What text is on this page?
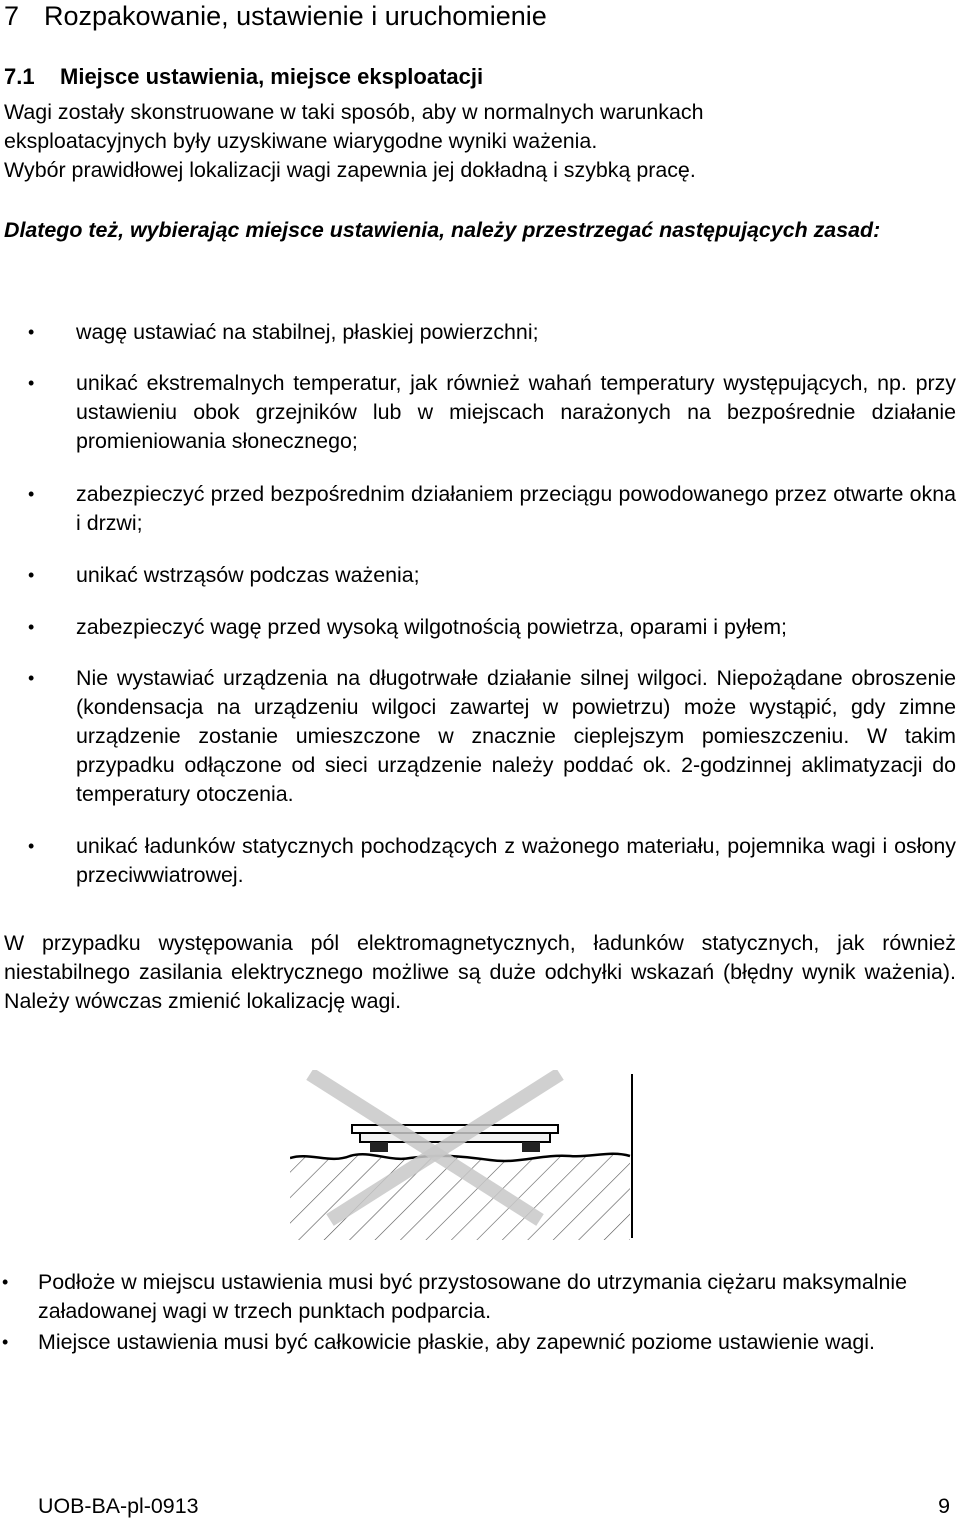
7 Rozpakowanie, ustawienie i uruchomienie
7.1 Miejsce ustawienia, miejsce eksploatacji
Wagi zostały skonstruowane w taki sposób, aby w normalnych warunkach
eksploatacyjnych były uzyskiwane wiarygodne wyniki ważenia.
Wybór prawidłowej lokalizacji wagi zapewnia jej dokładną i szybką pracę.
Dlatego też, wybierając miejsce ustawienia, należy przestrzegać następujących zasad:
• wagę ustawiać na stabilnej, płaskiej powierzchni;
• unikać ekstremalnych temperatur, jak również wahań temperatury występujących, np. przy ustawieniu obok grzejników lub w miejscach narażonych na bezpośrednie działanie promieniowania słonecznego;
• zabezpieczyć przed bezpośrednim działaniem przeciągu powodowanego przez otwarte okna i drzwi;
• unikać wstrząsów podczas ważenia;
• zabezpieczyć wagę przed wysoką wilgotnością powietrza, oparami i pyłem;
• Nie wystawiać urządzenia na długotrwałe działanie silnej wilgoci. Niepożądane obroszenie (kondensacja na urządzeniu wilgoci zawartej w powietrzu) może wystąpić, gdy zimne urządzenie zostanie umieszczone w znacznie cieplejszym pomieszczeniu. W takim przypadku odłączone od sieci urządzenie należy poddać ok. 2-godzinnej aklimatyzacji do temperatury otoczenia.
• unikać ładunków statycznych pochodzących z ważonego materiału, pojemnika wagi i osłony przeciwwiatrowej.
W przypadku występowania pól elektromagnetycznych, ładunków statycznych, jak również niestabilnego zasilania elektrycznego możliwe są duże odchyłki wskazań (błędny wynik ważenia). Należy wówczas zmienić lokalizację wagi.
• Podłoże w miejscu ustawienia musi być przystosowane do utrzymania ciężaru maksymalnie załadowanej wagi w trzech punktach podparcia.
• Miejsce ustawienia musi być całkowicie płaskie, aby zapewnić poziome ustawienie wagi.
UOB-BA-pl-0913	9
